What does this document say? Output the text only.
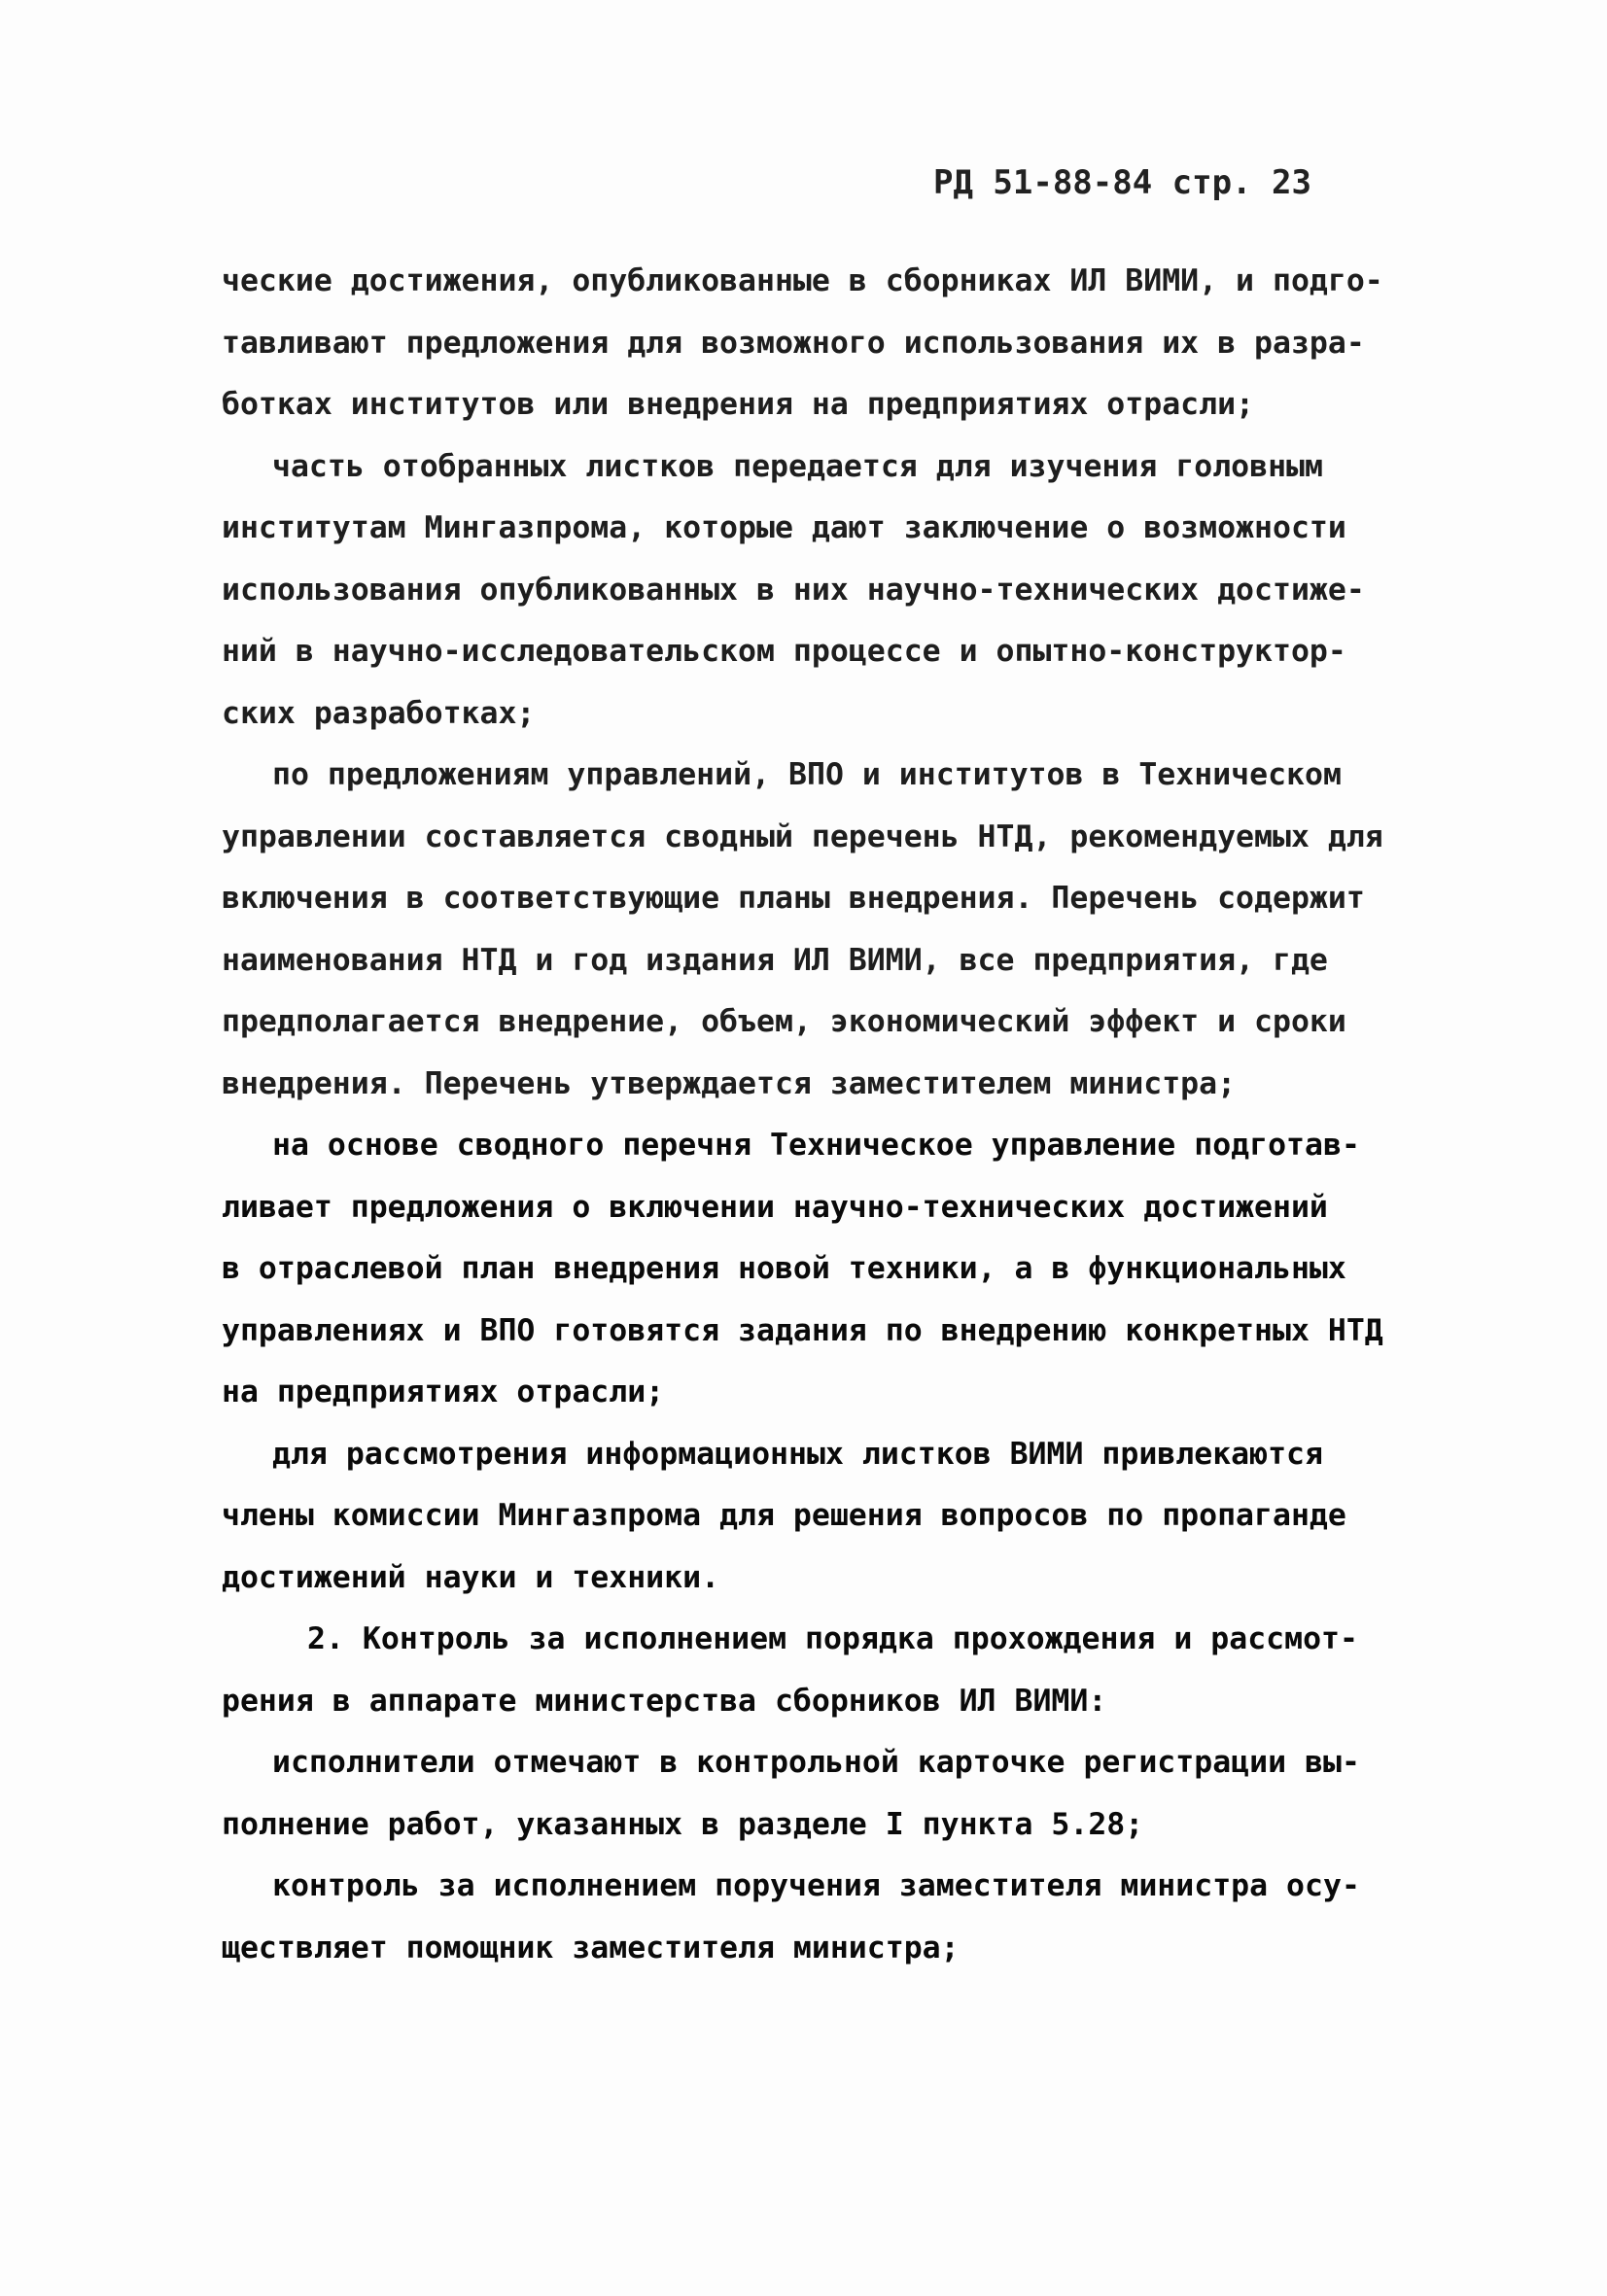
РД 51-88-84 стр. 23
ческие достижения, опубликованные в сборниках ИЛ ВИМИ, и подго-
тавливают предложения для возможного использования их в разра-
ботках институтов или внедрения на предприятиях отрасли;
часть отобранных листков передается для изучения головным
институтам Мингазпрома, которые дают заключение о возможности
использования опубликованных в них научно-технических достиже-
ний в научно-исследовательском процессе и опытно-конструктор-
ских разработках;
по предложениям управлений, ВПО и институтов в Техническом
управлении составляется сводный перечень НТД, рекомендуемых для
включения в соответствующие планы внедрения. Перечень содержит
наименования НТД и год издания ИЛ ВИМИ, все предприятия, где
предполагается внедрение, объем, экономический эффект и сроки
внедрения. Перечень утверждается заместителем министра;
на основе сводного перечня Техническое управление подготав-
ливает предложения о включении научно-технических достижений
в отраслевой план внедрения новой техники, а в функциональных
управлениях и ВПО готовятся задания по внедрению конкретных НТД
на предприятиях отрасли;
для рассмотрения информационных листков ВИМИ привлекаются
члены комиссии Мингазпрома для решения вопросов по пропаганде
достижений науки и техники.
2. Контроль за исполнением порядка прохождения и рассмот-
рения в аппарате министерства сборников ИЛ ВИМИ:
исполнители отмечают в контрольной карточке регистрации вы-
полнение работ, указанных в разделе I пункта 5.28;
контроль за исполнением поручения заместителя министра осу-
ществляет помощник заместителя министра;
